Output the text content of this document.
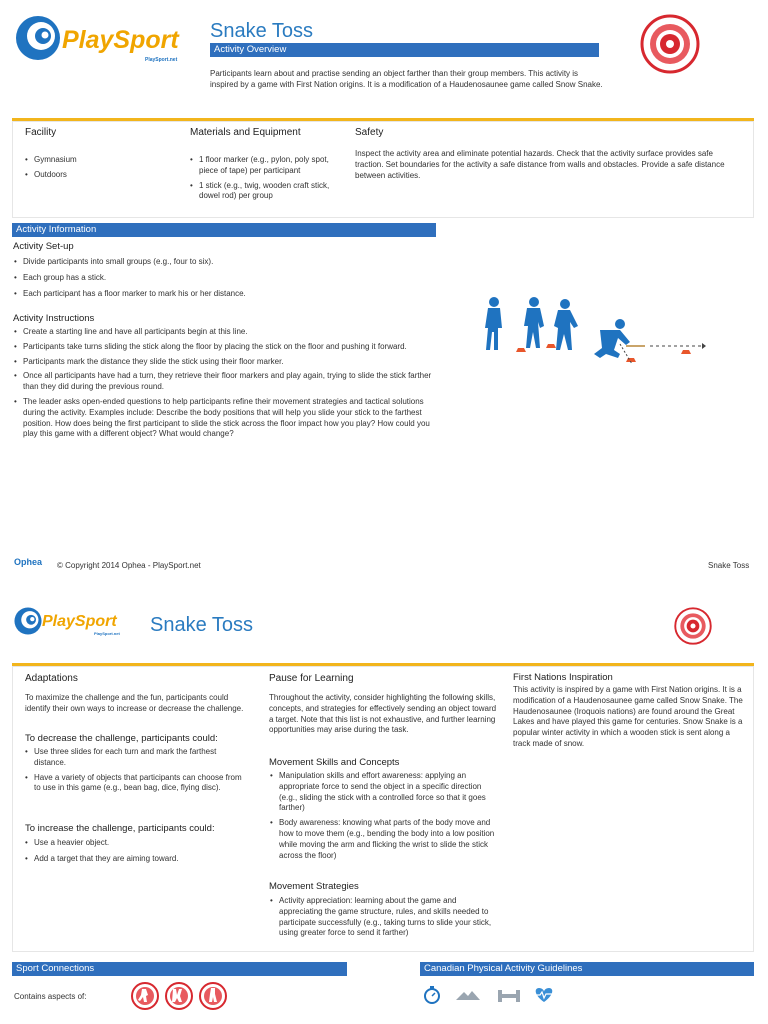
PlaySport
PlaySport.net
Snake Toss
Activity Overview
Participants learn about and practise sending an object farther than their group members. This activity is inspired by a game with First Nation origins. It is a modification of a Haudenosaunee game called Snow Snake.
Facility
• Gymnasium
• Outdoors
Materials and Equipment
• 1 floor marker (e.g., pylon, poly spot, piece of tape) per participant
• 1 stick (e.g., twig, wooden craft stick, dowel rod) per group
Safety
Inspect the activity area and eliminate potential hazards. Check that the activity surface provides safe traction. Set boundaries for the activity a safe distance from walls and obstacles. Provide a safe distance between activities.
Activity Information
Activity Set-up
• Divide participants into small groups (e.g., four to six).
• Each group has a stick.
• Each participant has a floor marker to mark his or her distance.
Activity Instructions
• Create a starting line and have all participants begin at this line.
• Participants take turns sliding the stick along the floor by placing the stick on the floor and pushing it forward.
• Participants mark the distance they slide the stick using their floor marker.
• Once all participants have had a turn, they retrieve their floor markers and play again, trying to slide the stick farther than they did during the previous round.
• The leader asks open-ended questions to help participants refine their movement strategies and tactical solutions during the activity. Examples include: Describe the body positions that will help you slide your stick to the farthest position. How does being the first participant to slide the stick across the floor impact how you play? How could you play this game with a different object? What would change?
Ophea	© Copyright 2014 Ophea - PlaySport.net	Snake Toss
PlaySport
PlaySport.net Snake Toss
Adaptations
To maximize the challenge and the fun, participants could identify their own ways to increase or decrease the challenge.
To decrease the challenge, participants could:
• Use three slides for each turn and mark the farthest distance.
• Have a variety of objects that participants can choose from to use in this game (e.g., bean bag, dice, flying disc).
To increase the challenge, participants could:
• Use a heavier object.
• Add a target that they are aiming toward.
Pause for Learning
Throughout the activity, consider highlighting the following skills, concepts, and strategies for effectively sending an object toward a target. Note that this list is not exhaustive, and further learning opportunities may arise during the task.
Movement Skills and Concepts
• Manipulation skills and effort awareness: applying an appropriate force to send the object in a specific direction (e.g., sliding the stick with a controlled force so that it goes farther)
• Body awareness: knowing what parts of the body move and how to move them (e.g., bending the body into a low position while moving the arm and flicking the wrist to slide the stick across the floor)
Movement Strategies
• Activity appreciation: learning about the game and appreciating the game structure, rules, and skills needed to participate successfully (e.g., taking turns to slide your stick, using greater force to send it farther)
First Nations Inspiration
This activity is inspired by a game with First Nation origins. It is a modification of a Haudenosaunee game called Snow Snake. The Haudenosaunee (Iroquois nations) are found around the Great Lakes and have played this game for centuries. Snow Snake is a popular winter activity in which a wooden stick is sent along a track made of snow.
Sport Connections
Contains aspects of:
Canadian Physical Activity Guidelines
